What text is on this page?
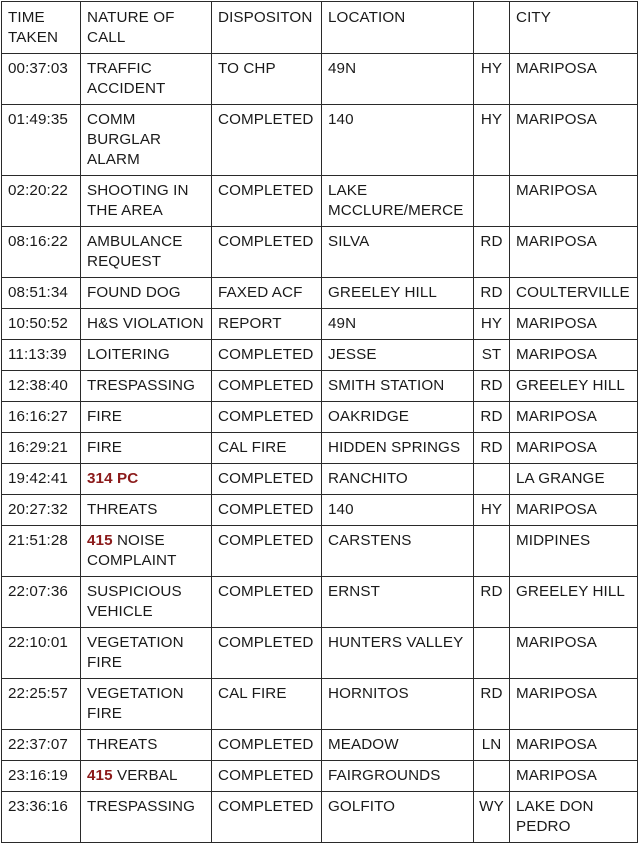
TIME TAKEN	NATURE OF CALL	DISPOSITON	LOCATION		CITY
00:37:03	TRAFFIC ACCIDENT	TO CHP	49N	HY	MARIPOSA
01:49:35	COMM BURGLAR ALARM	COMPLETED	140	HY	MARIPOSA
02:20:22	SHOOTING IN THE AREA	COMPLETED	LAKE MCCLURE/MERCE		MARIPOSA
08:16:22	AMBULANCE REQUEST	COMPLETED	SILVA	RD	MARIPOSA
08:51:34	FOUND DOG	FAXED ACF	GREELEY HILL	RD	COULTERVILLE
10:50:52	H&S VIOLATION	REPORT	49N	HY	MARIPOSA
11:13:39	LOITERING	COMPLETED	JESSE	ST	MARIPOSA
12:38:40	TRESPASSING	COMPLETED	SMITH STATION	RD	GREELEY HILL
16:16:27	FIRE	COMPLETED	OAKRIDGE	RD	MARIPOSA
16:29:21	FIRE	CAL FIRE	HIDDEN SPRINGS	RD	MARIPOSA
19:42:41	314 PC	COMPLETED	RANCHITO		LA GRANGE
20:27:32	THREATS	COMPLETED	140	HY	MARIPOSA
21:51:28	415 NOISE COMPLAINT	COMPLETED	CARSTENS		MIDPINES
22:07:36	SUSPICIOUS VEHICLE	COMPLETED	ERNST	RD	GREELEY HILL
22:10:01	VEGETATION FIRE	COMPLETED	HUNTERS VALLEY		MARIPOSA
22:25:57	VEGETATION FIRE	CAL FIRE	HORNITOS	RD	MARIPOSA
22:37:07	THREATS	COMPLETED	MEADOW	LN	MARIPOSA
23:16:19	415 VERBAL	COMPLETED	FAIRGROUNDS		MARIPOSA
23:36:16	TRESPASSING	COMPLETED	GOLFITO	WY	LAKE DON PEDRO
